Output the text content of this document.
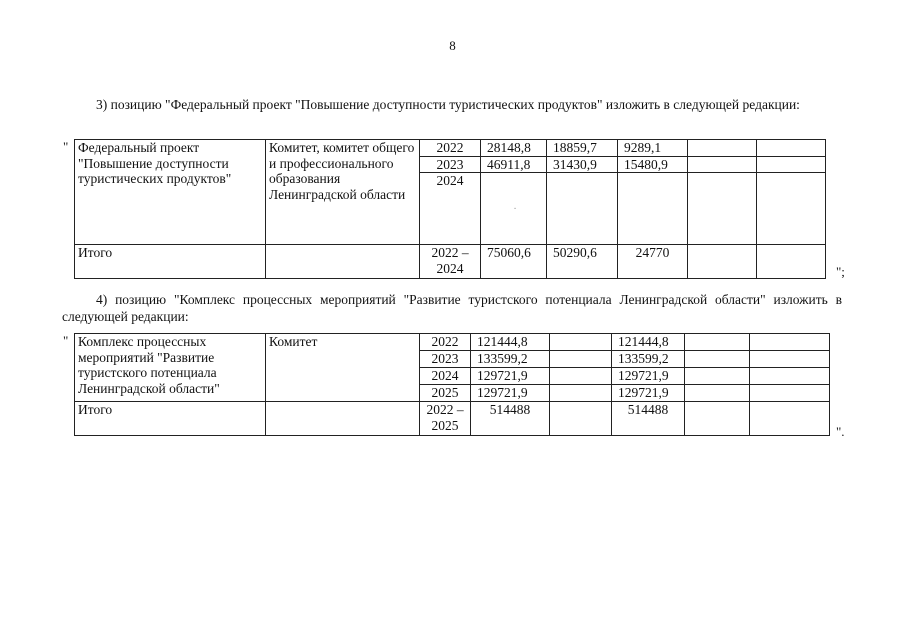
8
3) позицию "Федеральный проект "Повышение доступности туристических продуктов" изложить в следующей редакции:
" Федеральный проект "Повышение доступности туристических продуктов"	Комитет, комитет общего и профессионального образования Ленинградской области	2022	28148,8	18859,7	9289,1		
		2023	46911,8	31430,9	15480,9		
		2024	·				
Итого		2022 – 2024	75060,6	50290,6	24770		
";
4) позицию "Комплекс процессных мероприятий "Развитие туристского потенциала Ленинградской области" изложить в следующей редакции:
" Комплекс процессных мероприятий "Развитие туристского потенциала Ленинградской области"	Комитет	2022	121444,8		121444,8		
		2023	133599,2		133599,2		
		2024	129721,9		129721,9		
		2025	129721,9		129721,9		
Итого		2022 – 2025	514488		514488		
".
